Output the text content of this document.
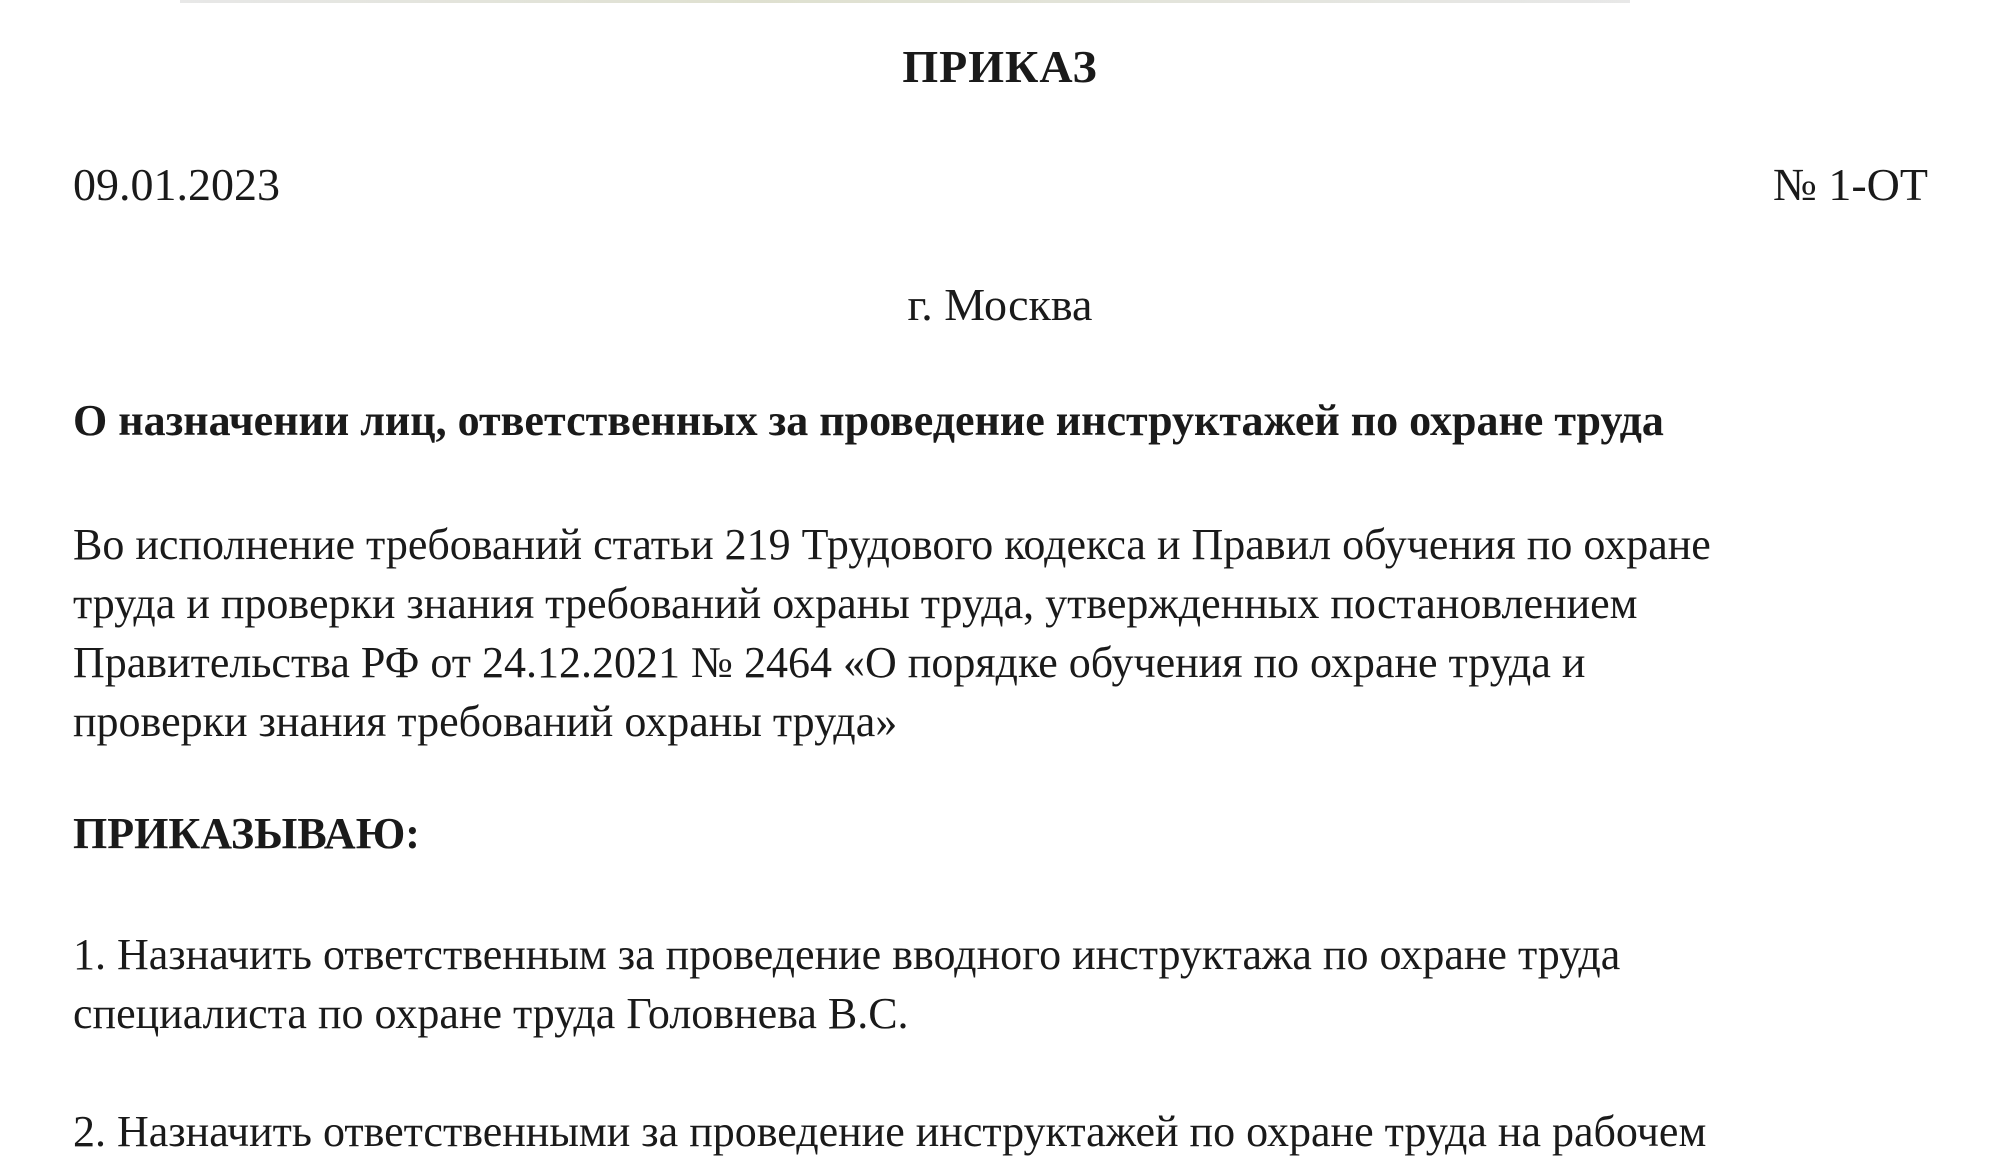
ПРИКАЗ
09.01.2023	№ 1-ОТ
г. Москва
О назначении лиц, ответственных за проведение инструктажей по охране труда
Во исполнение требований статьи 219 Трудового кодекса и Правил обучения по охране
труда и проверки знания требований охраны труда, утвержденных постановлением
Правительства РФ от 24.12.2021 № 2464 «О порядке обучения по охране труда и
проверки знания требований охраны труда»
ПРИКАЗЫВАЮ:
1. Назначить ответственным за проведение вводного инструктажа по охране труда
специалиста по охране труда Головнева В.С.
2. Назначить ответственными за проведение инструктажей по охране труда на рабочем
